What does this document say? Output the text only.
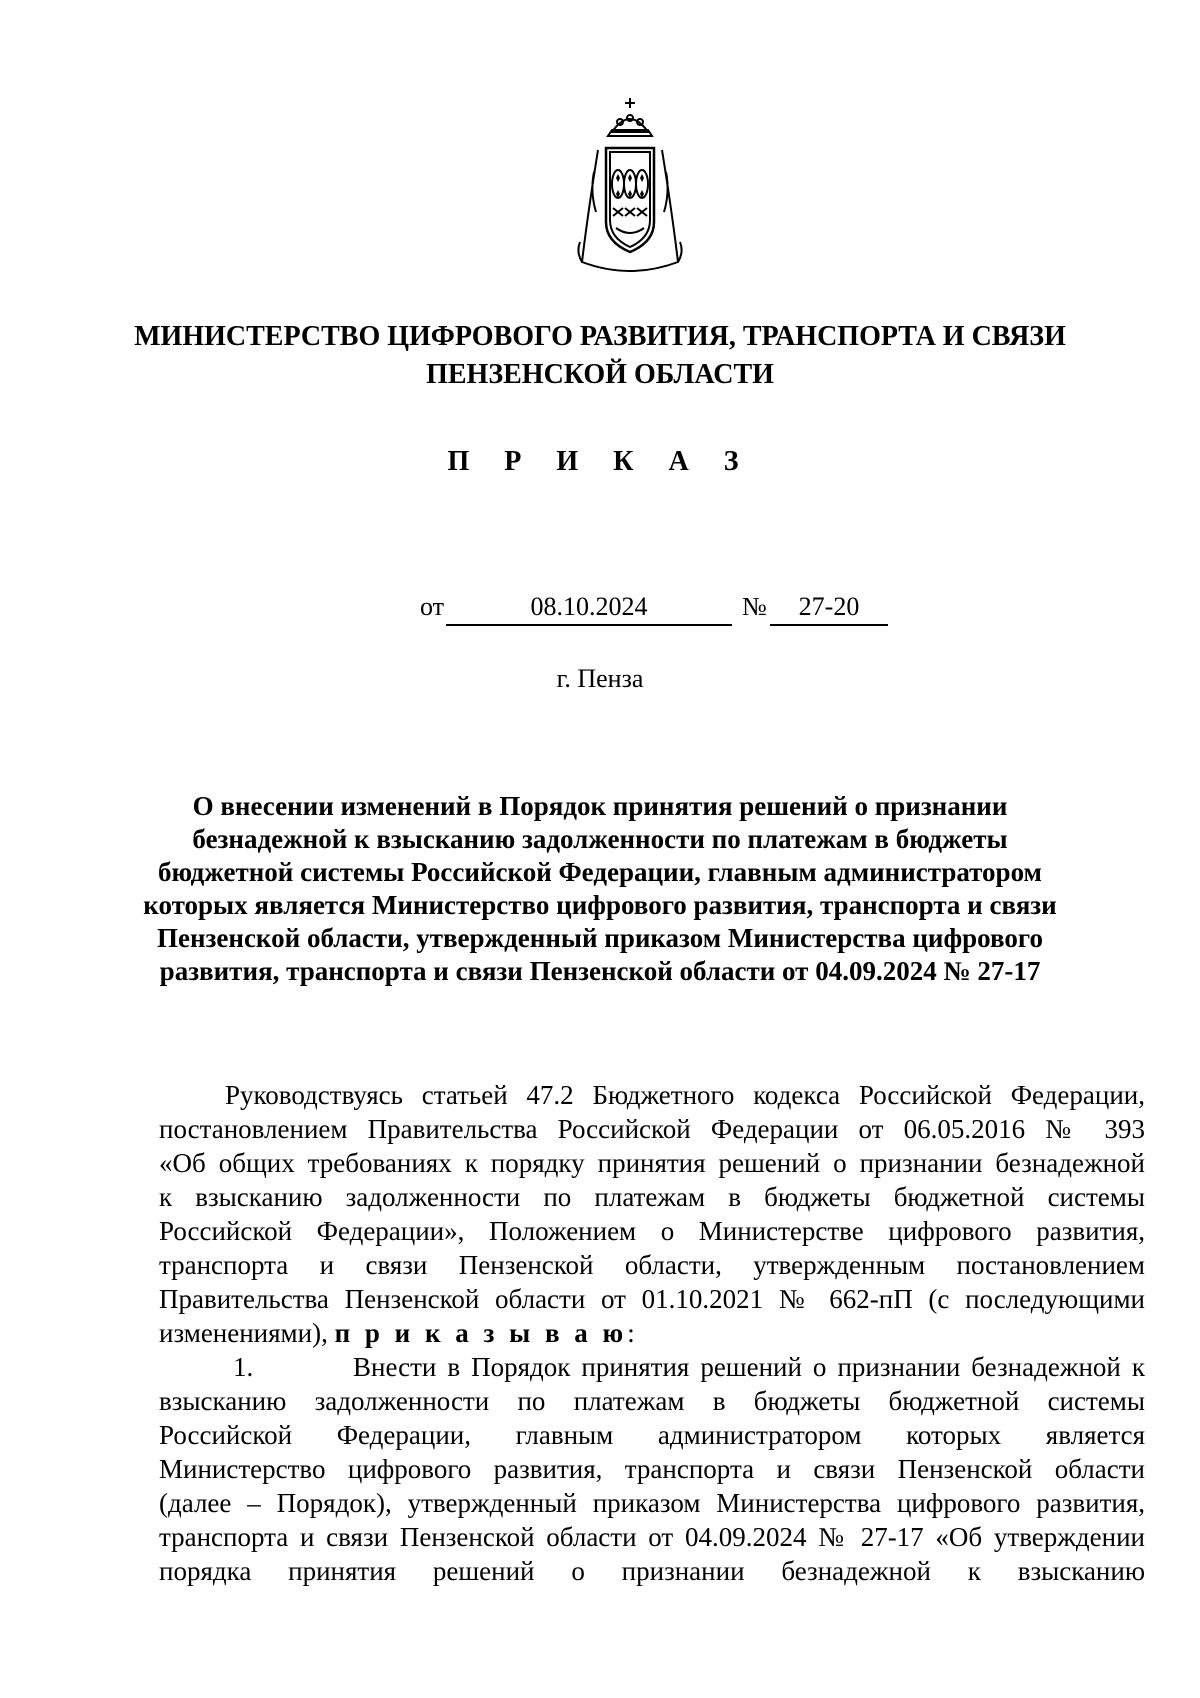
МИНИСТЕРСТВО ЦИФРОВОГО РАЗВИТИЯ, ТРАНСПОРТА И СВЯЗИ
ПЕНЗЕНСКОЙ ОБЛАСТИ
П Р И К А З
от	08.10.2024	№	27-20
г. Пенза
О внесении изменений в Порядок принятия решений о признании
безнадежной к взысканию задолженности по платежам в бюджеты
бюджетной системы Российской Федерации, главным администратором
которых является Министерство цифрового развития, транспорта и связи
Пензенской области, утвержденный приказом Министерства цифрового
развития, транспорта и связи Пензенской области от 04.09.2024 № 27-17
Руководствуясь статьей 47.2 Бюджетного кодекса Российской Федерации,
постановлением Правительства Российской Федерации от 06.05.2016 № 393
«Об общих требованиях к порядку принятия решений о признании безнадежной
к взысканию задолженности по платежам в бюджеты бюджетной системы
Российской Федерации», Положением о Министерстве цифрового развития,
транспорта и связи Пензенской области, утвержденным постановлением
Правительства Пензенской области от 01.10.2021 № 662-пП (с последующими
изменениями), п р и к а з ы в а ю:
1.	Внести в Порядок принятия решений о признании безнадежной к
взысканию задолженности по платежам в бюджеты бюджетной системы
Российской Федерации, главным администратором которых является
Министерство цифрового развития, транспорта и связи Пензенской области
(далее – Порядок), утвержденный приказом Министерства цифрового развития,
транспорта и связи Пензенской области от 04.09.2024 № 27-17 «Об утверждении
порядка принятия решений о признании безнадежной к взысканию
